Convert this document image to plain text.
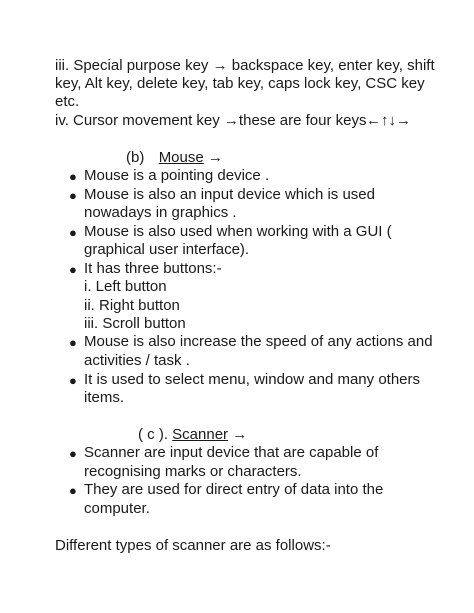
iii. Special purpose key → backspace key, enter key, shift
key, Alt key, delete key, tab key, caps lock key, CSC key
etc.
iv. Cursor movement key →these are four keys ←↑↓→
(b)  Mouse →
● Mouse is a pointing device .
● Mouse is also an input device which is used
nowadays in graphics .
● Mouse is also used when working with a GUI (
graphical user interface).
● It has three buttons:-
i. Left button
ii. Right button
iii. Scroll button
● Mouse is also increase the speed of any actions and
activities / task .
● It is used to select menu, window and many others
items.
( c ). Scanner →
● Scanner are input device that are capable of
recognising marks or characters.
● They are used for direct entry of data into the
computer.
Different types of scanner are as follows:-
